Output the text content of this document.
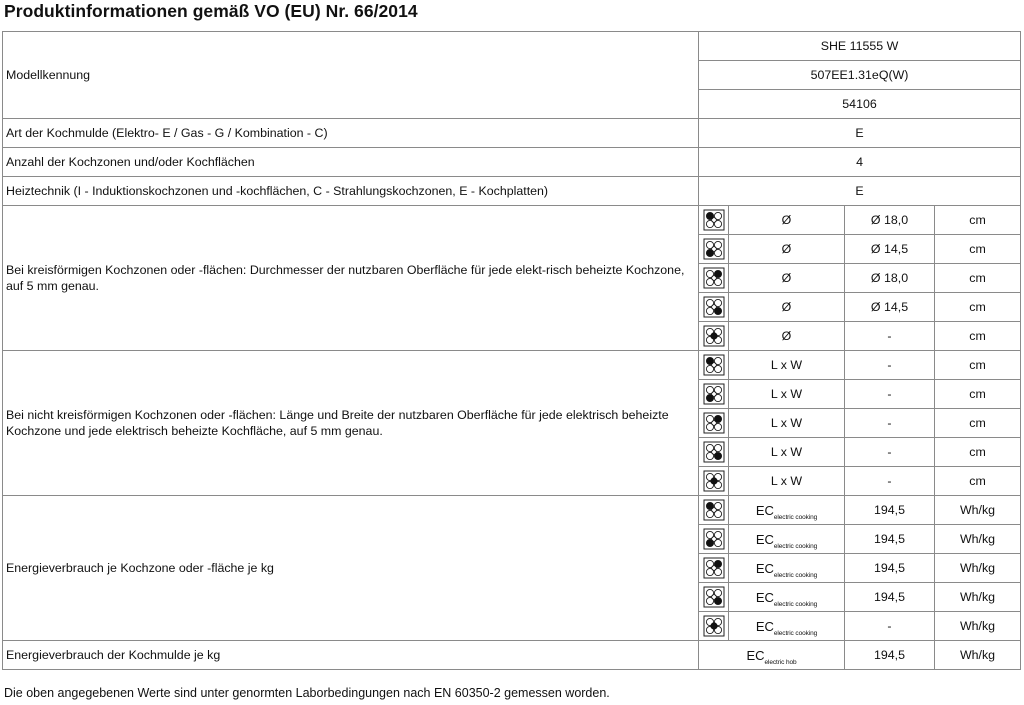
Produktinformationen gemäß VO (EU) Nr. 66/2014
Modellkennung	SHE 11555 W			
	507EE1.31eQ(W)			
	54106			
Art der Kochmulde (Elektro- E / Gas - G / Kombination - C)	E			
Anzahl der Kochzonen und/oder Kochflächen	4			
Heiztechnik (I - Induktionskochzonen und -kochflächen, C - Strahlungskochzonen, E - Kochplatten)	E			
Bei kreisförmigen Kochzonen oder -flächen: Durchmesser der nutzbaren Oberfläche für jede elekt-risch beheizte Kochzone, auf 5 mm genau.		Ø	Ø 18,0	cm
	Ø	Ø 14,5	cm
	Ø	Ø 18,0	cm
	Ø	Ø 14,5	cm
	Ø	-	cm
Bei nicht kreisförmigen Kochzonen oder -flächen: Länge und Breite der nutzbaren Oberfläche für jede elektrisch beheizte Kochzone und jede elektrisch beheizte Kochfläche, auf 5 mm genau.		L x W	-	cm
	L x W	-	cm
	L x W	-	cm
	L x W	-	cm
	L x W	-	cm
Energieverbrauch je Kochzone oder -fläche je kg		$EC_{electric cooking}$	194,5	Wh/kg
	$EC_{electric cooking}$	194,5	Wh/kg
	$EC_{electric cooking}$	194,5	Wh/kg
	$EC_{electric cooking}$	194,5	Wh/kg
	$EC_{electric cooking}$	-	Wh/kg
Energieverbrauch der Kochmulde je kg	$EC_{electric hob}$		194,5	Wh/kg
Die oben angegebenen Werte sind unter genormten Laborbedingungen nach EN 60350-2 gemessen worden.
